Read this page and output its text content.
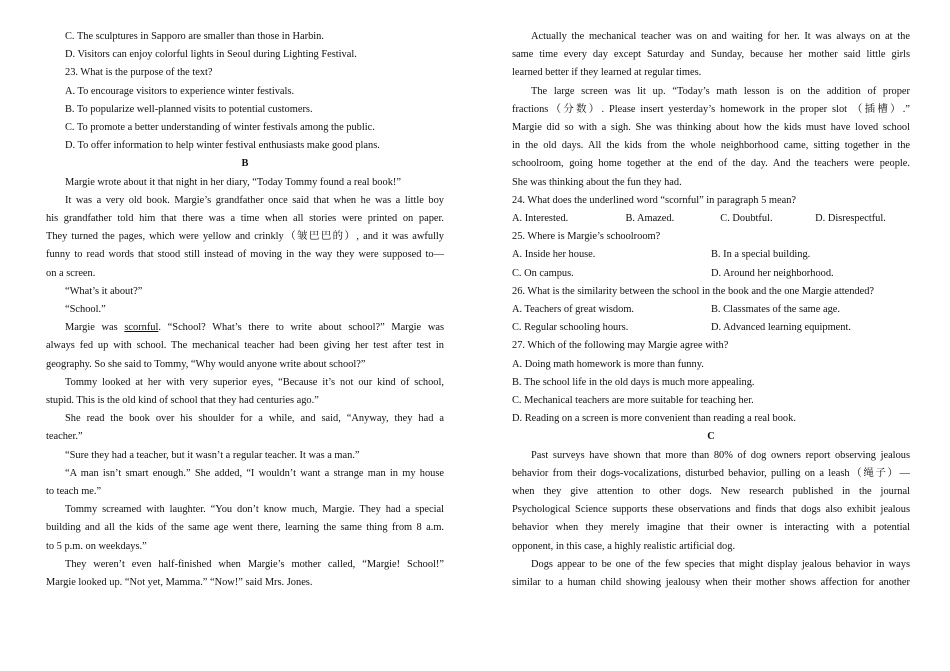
C. The sculptures in Sapporo are smaller than those in Harbin.
D. Visitors can enjoy colorful lights in Seoul during Lighting Festival.
23. What is the purpose of the text?
A. To encourage visitors to experience winter festivals.
B. To popularize well-planned visits to potential customers.
C. To promote a better understanding of winter festivals among the public.
D. To offer information to help winter festival enthusiasts make good plans.
B
Margie wrote about it that night in her diary, “Today Tommy found a real book!”
It was a very old book. Margie’s grandfather once said that when he was a little boy
his grandfather told him that there was a time when all stories were printed on paper.
They turned the pages, which were yellow and crinkly（皱巴巴的）, and it was awfully
funny to read words that stood still instead of moving in the way they were supposed to—
on a screen.
“What’s it about?”
“School.”
Margie was scornful. “School? What’s there to write about school?” Margie was
always fed up with school. The mechanical teacher had been giving her test after test in
geography. So she said to Tommy, “Why would anyone write about school?”
Tommy looked at her with very superior eyes, “Because it’s not our kind of school,
stupid. This is the old kind of school that they had centuries ago.”
She read the book over his shoulder for a while, and said, “Anyway, they had a
teacher.”
“Sure they had a teacher, but it wasn’t a regular teacher. It was a man.”
“A man isn’t smart enough.” She added, “I wouldn’t want a strange man in my house
to teach me.”
Tommy screamed with laughter. “You don’t know much, Margie. They had a special
building and all the kids of the same age went there, learning the same thing from 8 a.m.
to 5 p.m. on weekdays.”
They weren’t even half-finished when Margie’s mother called, “Margie! School!”
Margie looked up. “Not yet, Mamma.” “Now!” said Mrs. Jones.
Actually the mechanical teacher was on and waiting for her. It was always on at the
same time every day except Saturday and Sunday, because her mother said little girls
learned better if they learned at regular times.
The large screen was lit up. “Today’s math lesson is on the addition of proper
fractions（分数）. Please insert yesterday’s homework in the proper slot （插槽）.”
Margie did so with a sigh. She was thinking about how the kids must have loved school
in the old days. All the kids from the whole neighborhood came, sitting together in the
schoolroom, going home together at the end of the day. And the teachers were people.
She was thinking about the fun they had.
24. What does the underlined word “scornful” in paragraph 5 mean?
A. Interested.	B. Amazed.	C. Doubtful.	D. Disrespectful.
25. Where is Margie’s schoolroom?
A. Inside her house.	B. In a special building.
C. On campus.	D. Around her neighborhood.
26. What is the similarity between the school in the book and the one Margie attended?
A. Teachers of great wisdom.	B. Classmates of the same age.
C. Regular schooling hours.	D. Advanced learning equipment.
27. Which of the following may Margie agree with?
A. Doing math homework is more than funny.
B. The school life in the old days is much more appealing.
C. Mechanical teachers are more suitable for teaching her.
D. Reading on a screen is more convenient than reading a real book.
C
Past surveys have shown that more than 80% of dog owners report observing jealous
behavior from their dogs-vocalizations, disturbed behavior, pulling on a leash（绳子）—
when they give attention to other dogs. New research published in the journal
Psychological Science supports these observations and finds that dogs also exhibit jealous
behavior when they merely imagine that their owner is interacting with a potential
opponent, in this case, a highly realistic artificial dog.
Dogs appear to be one of the few species that might display jealous behavior in ways
similar to a human child showing jealousy when their mother shows affection for another
